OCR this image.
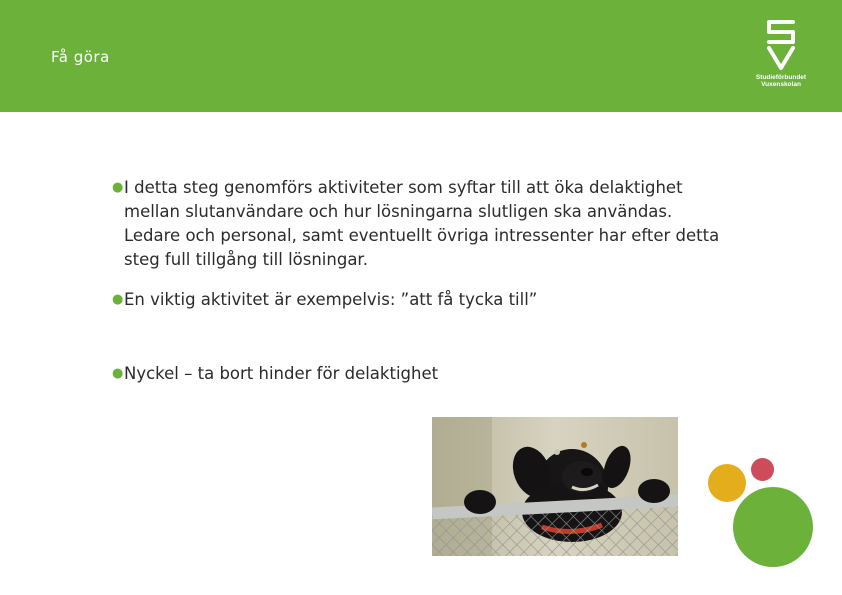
Få göra
Studieförbundet
Vuxenskolan
● I detta steg genomförs aktiviteter som syftar till att öka delaktighet mellan slutanvändare och hur lösningarna slutligen ska användas. Ledare och personal, samt eventuellt övriga intressenter har efter detta steg full tillgång till lösningar.
● En viktig aktivitet är exempelvis: ”att få tycka till”
● Nyckel – ta bort hinder för delaktighet
